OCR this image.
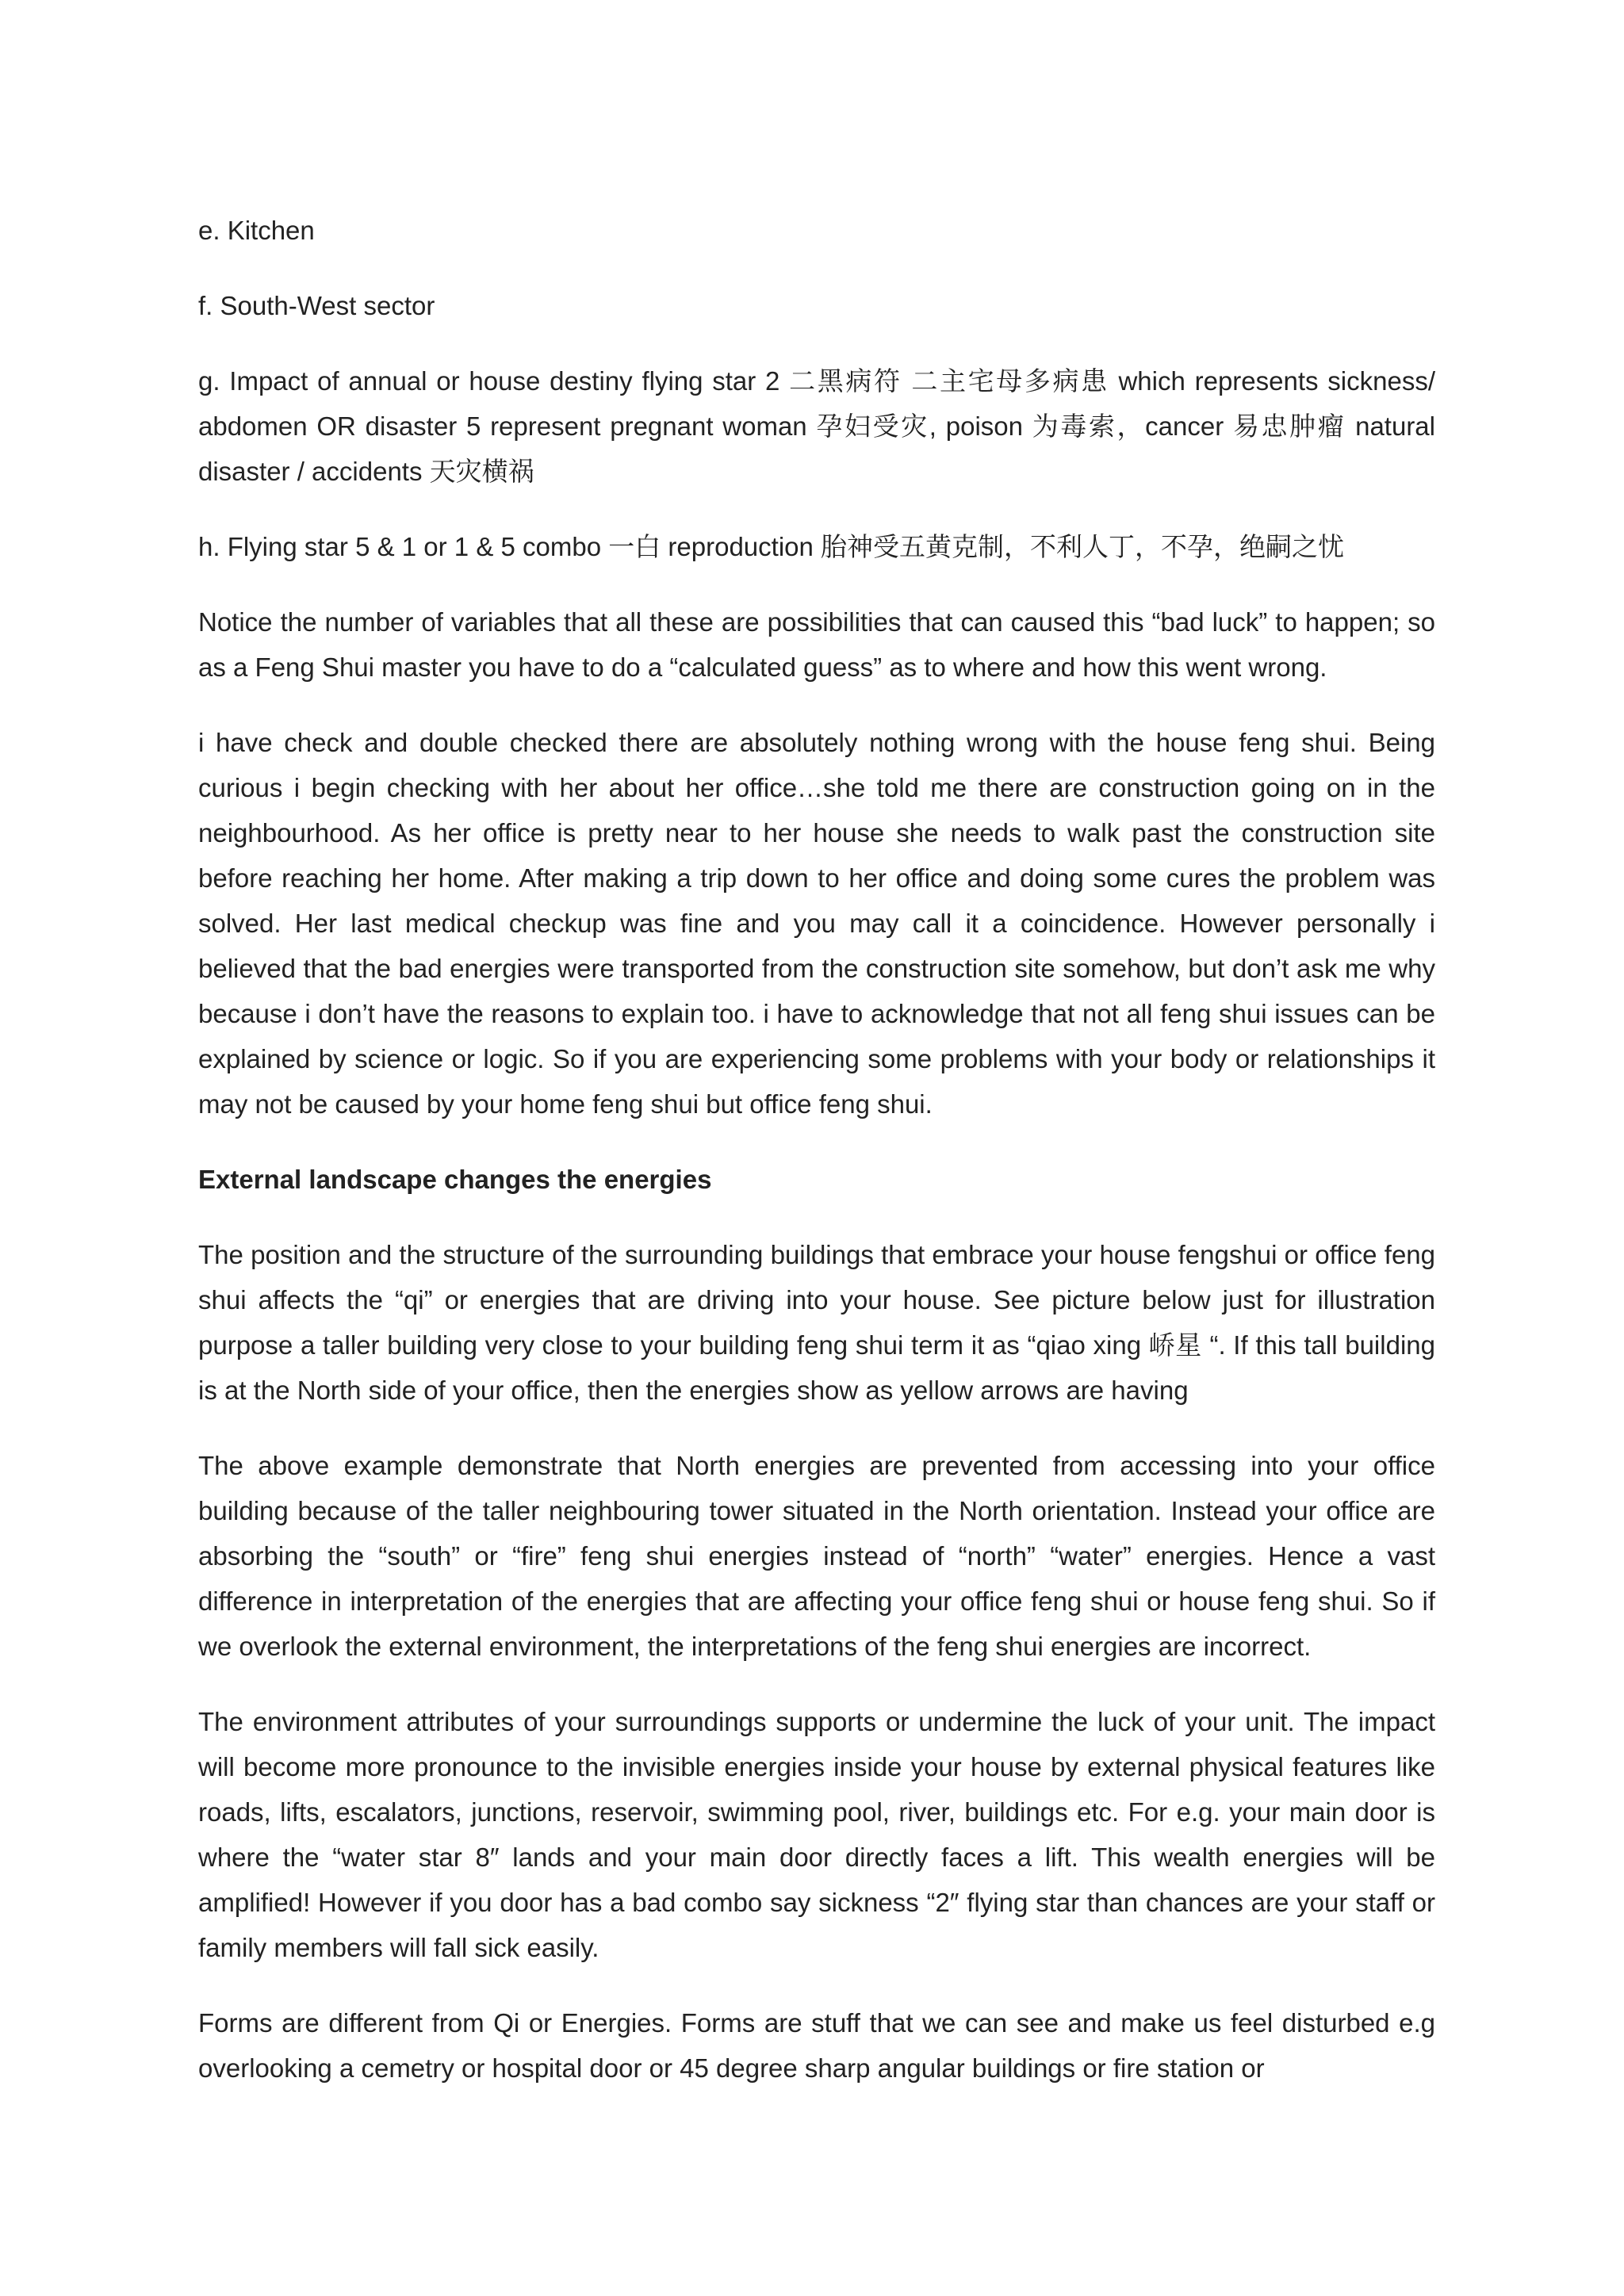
e. Kitchen

f. South-West sector

g. Impact of annual or house destiny flying star 2 二黑病符 二主宅母多病患 which represents sickness/ abdomen OR disaster 5 represent pregnant woman 孕妇受灾, poison 为毒索，cancer 易忠肿瘤 natural disaster / accidents 天灾横祸

h. Flying star 5 & 1 or 1 & 5 combo 一白 reproduction 胎神受五黄克制，不利人丁，不孕，绝嗣之忧

Notice the number of variables that all these are possibilities that can caused this “bad luck” to happen; so as a Feng Shui master you have to do a “calculated guess” as to where and how this went wrong.

i have check and double checked there are absolutely nothing wrong with the house feng shui. Being curious i begin checking with her about her office…she told me there are construction going on in the neighbourhood. As her office is pretty near to her house she needs to walk past the construction site before reaching her home. After making a trip down to her office and doing some cures the problem was solved. Her last medical checkup was fine and you may call it a coincidence. However personally i believed that the bad energies were transported from the construction site somehow, but don’t ask me why because i don’t have the reasons to explain too. i have to acknowledge that not all feng shui issues can be explained by science or logic. So if you are experiencing some problems with your body or relationships it may not be caused by your home feng shui but office feng shui.

External landscape changes the energies

The position and the structure of the surrounding buildings that embrace your house fengshui or office feng shui affects the “qi” or energies that are driving into your house. See picture below just for illustration purpose a taller building very close to your building feng shui term it as “qiao xing 峤星 “. If this tall building is at the North side of your office, then the energies show as yellow arrows are having

The above example demonstrate that North energies are prevented from accessing into your office building because of the taller neighbouring tower situated in the North orientation. Instead your office are absorbing the “south” or “fire” feng shui energies instead of “north” “water” energies. Hence a vast difference in interpretation of the energies that are affecting your office feng shui or house feng shui. So if we overlook the external environment, the interpretations of the feng shui energies are incorrect.

The environment attributes of your surroundings supports or undermine the luck of your unit. The impact will become more pronounce to the invisible energies inside your house by external physical features like roads, lifts, escalators, junctions, reservoir, swimming pool, river, buildings etc. For e.g. your main door is where the “water star 8″ lands and your main door directly faces a lift. This wealth energies will be amplified! However if you door has a bad combo say sickness “2″ flying star than chances are your staff or family members will fall sick easily.

Forms are different from Qi or Energies. Forms are stuff that we can see and make us feel disturbed e.g overlooking a cemetry or hospital door or 45 degree sharp angular buildings or fire station or
